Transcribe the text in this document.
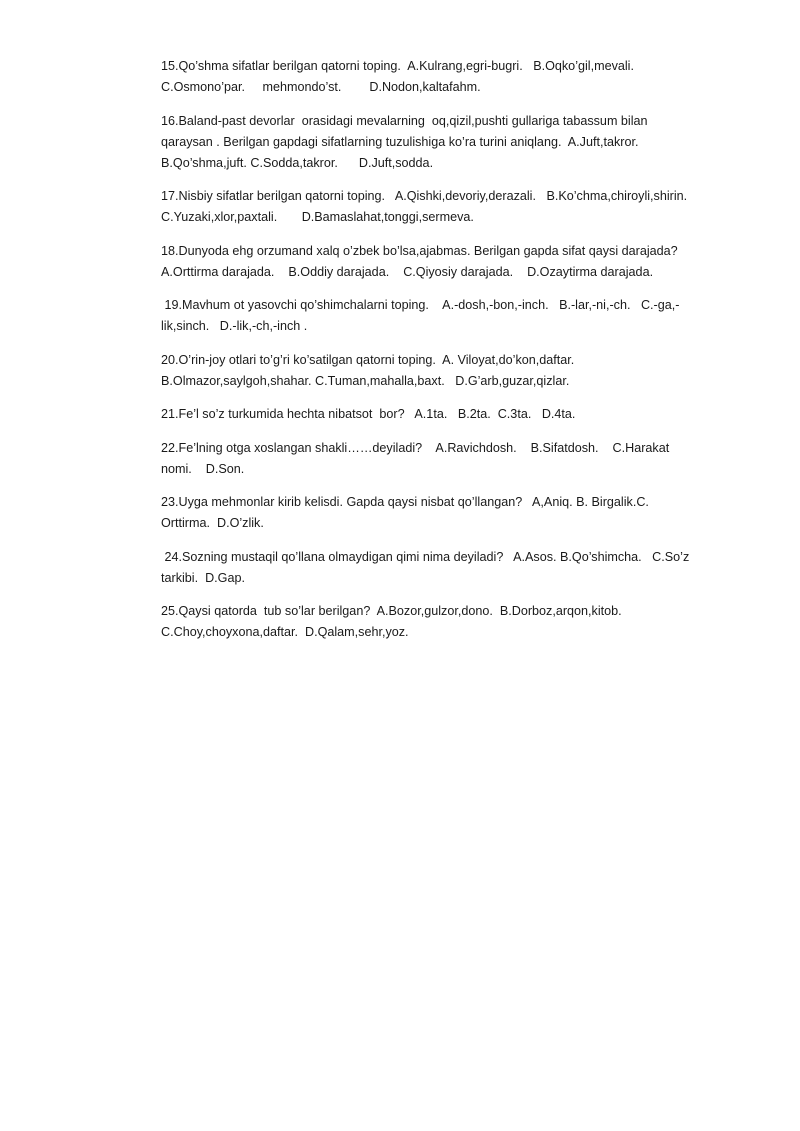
15.Qo’shma sifatlar berilgan qatorni toping.  A.Kulrang,egri-bugri.   B.Oqko’gil,mevali.   C.Osmono’par.     mehmondo’st.        D.Nodon,kaltafahm.

16.Baland-past devorlar  orasidagi mevalarning  oq,qizil,pushti gullariga tabassum bilan qaraysan . Berilgan gapdagi sifatlarning tuzulishiga ko’ra turini aniqlang.  A.Juft,takror.  B.Qo’shma,juft. C.Sodda,takror.      D.Juft,sodda.

17.Nisbiy sifatlar berilgan qatorni toping.   A.Qishki,devoriy,derazali.   B.Ko’chma,chiroyli,shirin.   C.Yuzaki,xlor,paxtali.       D.Bamaslahat,tonggi,sermeva.

18.Dunyoda ehg orzumand xalq o’zbek bo’lsa,ajabmas. Berilgan gapda sifat qaysi darajada?  A.Orttirma darajada.    B.Oddiy darajada.    C.Qiyosiy darajada.    D.Ozaytirma darajada.

19.Mavhum ot yasovchi qo’shimchalarni toping.    A.-dosh,-bon,-inch.   B.-lar,-ni,-ch.   C.-ga,-lik,sinch.   D.-lik,-ch,-inch .

20.O’rin-joy otlari to’g’ri ko’satilgan qatorni toping.  A. Viloyat,do’kon,daftar.   B.Olmazor,saylgoh,shahar. C.Tuman,mahalla,baxt.   D.G’arb,guzar,qizlar.

21.Fe’l so’z turkumida hechta nibatsot  bor?   A.1ta.   B.2ta.  C.3ta.   D.4ta.

22.Fe’lning otga xoslangan shakli……deyiladi?    A.Ravichdosh.    B.Sifatdosh.    C.Harakat nomi.    D.Son.

23.Uyga mehmonlar kirib kelisdi. Gapda qaysi nisbat qo’llangan?   A,Aniq. B. Birgalik.C. Orttirma.  D.O’zlik.

24.Sozning mustaqil qo’llana olmaydigan qimi nima deyiladi?   A.Asos. B.Qo’shimcha.   C.So’z tarkibi.  D.Gap.

25.Qaysi qatorda  tub so’lar berilgan?  A.Bozor,gulzor,dono.  B.Dorboz,arqon,kitob.   C.Choy,choyxona,daftar.  D.Qalam,sehr,yoz.
